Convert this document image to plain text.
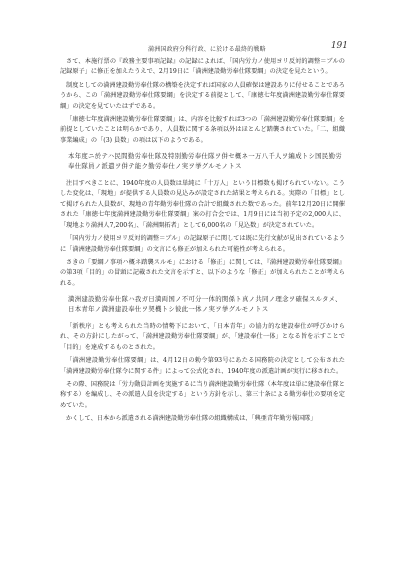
満洲国政府分科行政、に於ける最終的戦略	191

さて、本施行票の『政務主要事項記録』の記録によれば、「国内労力ノ使用ヨリ反対的調整＝ブルの記録原子」に修正を加えたうえで、2月19日に「満洲建設勤労奉仕隊要綱」の決定を見たという。

制度としての満洲建設勤労奉仕隊の構築を決定すれば国家の人員確保は建設ありに付せることであろうから、この「満洲建設勤労奉仕隊要綱」を決定する前提として、「康徳七年度満洲建設勤労奉仕隊要綱」の決定を見ていたはずである。

「康徳七年度満洲建設勤労奉仕隊要綱」は、内容を比較すれば3つの「満洲建設勤労奉仕隊要綱」を前提としていたことは明らかであり、人員数に関する条項以外はほとんど踏襲されていた。「二、組織事業編成」の「(3) 員数」の項は以下のようである。

本年度ニ於テハ民間勤労奉仕隊及特別勤労奉仕隊ヲ併セ概ネ一万八千人ヲ編成トシ国民勤労奉仕隊員ノ派遣ヲ併テ能ク勤労奉仕ノ実ヲ挙グルモノトス

注目すべきことに、1940年度の人員数は単純に「十万人」という目標数も掲げられていない。こうした変化は、「現地」が提供する人員数の見込みが設定された結果と考えられる。実際の「目標」として掲げられた人員数が、現地の青年勤労奉仕隊の合計で組織された数であった。前年12月20日に開催された「康徳七年度満洲建設勤労奉仕隊要綱」案の打合会では、1月9日には当初予定の2,000人に、「現地より満洲人7,200名」、「満洲開拓者」として6,000名の「見込数」が決定されていた。

「国内労力ノ使用ヨリ反対的調整＝ブル」の記録原子に関しては既に先行文献が見出されているように「満洲建設勤労奉仕隊要綱」の文言にも修正が加えられた可能性が考えられる。

さきの「要綱ノ事項ハ概ネ踏襲スルモ」における「修正」に関しては、『満洲建設勤労奉仕隊要綱』の第3項「目的」の冒頭に記載された文言を示すと、以下のような「修正」が加えられたことが考えられる。

満洲建設勤労奉仕隊ハ我ガ日満両国ノ不可分一体的関係ト真ノ共同ノ理念ヲ確保スルタメ、日本青年ノ満洲建設奉仕ヲ契機トシ彼此一体ノ実ヲ挙グルモノトス

「新秩序」とも考えられた当時の情勢下において、「日本青年」の協力的な建設奉仕が呼びかけられ、その方針にしたがって、「満洲建設勤労奉仕隊要綱」が、「建設奉仕一体」となる旨を示すことで「目的」を達成するものとされた。

「満洲建設勤労奉仕隊要綱」は、4月12日の勅令第93号にあたる国務院の決定として公布された「満洲建設勤労奉仕隊令に関する件」によって公式化され、1940年度の派遣計画が実行に移された。

その際、国務院は「労力動員計画を実施するに当り満洲建設勤労奉仕隊（本年度は単に建設奉仕隊と称する）を編成し、その派遣人員を決定する」という方針を示し、第三十条による勤労奉仕の要項を定めていた。

かくして、日本から派遣される満洲建設勤労奉仕隊の組織構成は、「興亜青年勤労報国隊」
